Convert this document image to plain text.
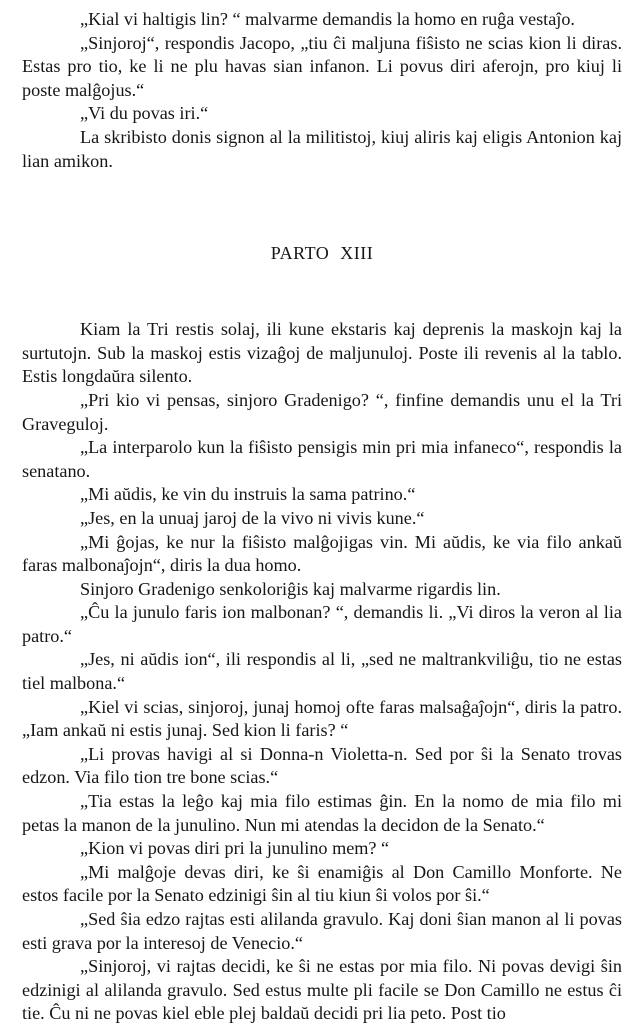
„Kial vi haltigis lin? “ malvarme demandis la homo en ruĝa vestaĵo.

„Sinjoroj“, respondis Jacopo, „tiu ĉi maljuna fiŝisto ne scias kion li diras. Estas pro tio, ke li ne plu havas sian infanon. Li povus diri aferojn, pro kiuj li poste malĝojus.“

„Vi du povas iri.“

La skribisto donis signon al la militistoj, kiuj aliris kaj eligis Antonion kaj lian amikon.

PARTO XIII

Kiam la Tri restis solaj, ili kune ekstaris kaj deprenis la maskojn kaj la surtutojn. Sub la maskoj estis vizaĝoj de maljunuloj. Poste ili revenis al la tablo. Estis longdaŭra silento.

„Pri kio vi pensas, sinjoro Gradenigo? “, finfine demandis unu el la Tri Graveguloj.

„La interparolo kun la fiŝisto pensigis min pri mia infaneco“, respondis la senatano.

„Mi aŭdis, ke vin du instruis la sama patrino.“

„Jes, en la unuaj jaroj de la vivo ni vivis kune.“

„Mi ĝojas, ke nur la fiŝisto malĝojigas vin. Mi aŭdis, ke via filo ankaŭ faras malbonaĵojn“, diris la dua homo.

Sinjoro Gradenigo senkoloriĝis kaj malvarme rigardis lin.

„Ĉu la junulo faris ion malbonan? “, demandis li. „Vi diros la veron al lia patro.“

„Jes, ni aŭdis ion“, ili respondis al li, „sed ne maltrankviliĝu, tio ne estas tiel malbona.“

„Kiel vi scias, sinjoroj, junaj homoj ofte faras malsaĝaĵojn“, diris la patro. „Iam ankaŭ ni estis junaj. Sed kion li faris? “

„Li provas havigi al si Donna-n Violetta-n. Sed por ŝi la Senato trovas edzon. Via filo tion tre bone scias.“

„Tia estas la leĝo kaj mia filo estimas ĝin. En la nomo de mia filo mi petas la manon de la junulino. Nun mi atendas la decidon de la Senato.“

„Kion vi povas diri pri la junulino mem? “

„Mi malĝoje devas diri, ke ŝi enamiĝis al Don Camillo Monforte. Ne estos facile por la Senato edzinigi ŝin al tiu kiun ŝi volos por ŝi.“

„Sed ŝia edzo rajtas esti alilanda gravulo. Kaj doni ŝian manon al li povas esti grava por la interesoj de Venecio.“

„Sinjoroj, vi rajtas decidi, ke ŝi ne estas por mia filo. Ni povas devigi ŝin edzinigi al alilanda gravulo. Sed estus multe pli facile se Don Camillo ne estus ĉi tie. Ĉu ni ne povas kiel eble plej baldaŭ decidi pri lia peto. Post tio
